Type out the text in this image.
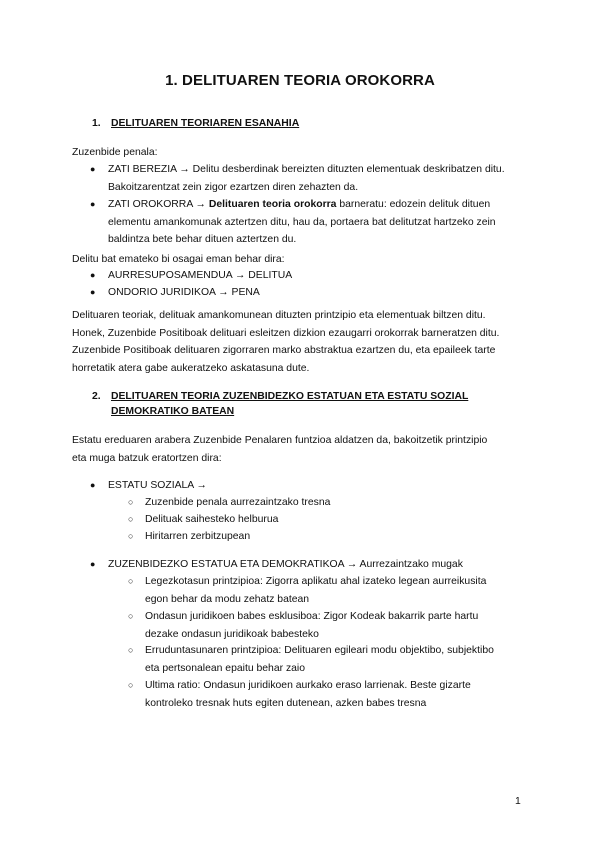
1. DELITUAREN TEORIA OROKORRA
1. DELITUAREN TEORIAREN ESANAHIA
Zuzenbide penala:
●	ZATI BEREZIA → Delitu desberdinak bereizten dituzten elementuak deskribatzen ditu.
Bakoitzarentzat zein zigor ezartzen diren zehazten da.
●	ZATI OROKORRA → Delituaren teoria orokorra barneratu: edozein delituk dituen
elementu amankomunak aztertzen ditu, hau da, portaera bat delitutzat hartzeko zein
baldintza bete behar dituen aztertzen du.
Delitu bat emateko bi osagai eman behar dira:
●	AURRESUPOSAMENDUA → DELITUA
●	ONDORIO JURIDIKOA → PENA
Delituaren teoriak, delituak amankomunean dituzten printzipio eta elementuak biltzen ditu.
Honek, Zuzenbide Positiboak delituari esleitzen dizkion ezaugarri orokorrak barneratzen ditu.
Zuzenbide Positiboak delituaren zigorraren marko abstraktua ezartzen du, eta epaileek tarte
horretatik atera gabe aukeratzeko askatasuna dute.
2. DELITUAREN TEORIA ZUZENBIDEZKO ESTATUAN ETA ESTATU SOZIAL
DEMOKRATIKO BATEAN
Estatu ereduaren arabera Zuzenbide Penalaren funtzioa aldatzen da, bakoitzetik printzipio
eta muga batzuk eratortzen dira:
●	ESTATU SOZIALA →
○	Zuzenbide penala aurrezaintzako tresna
○	Delituak saihesteko helburua
○	Hiritarren zerbitzupean
●	ZUZENBIDEZKO ESTATUA ETA DEMOKRATIKOA → Aurrezaintzako mugak
○	Legezkotasun printzipioa: Zigorra aplikatu ahal izateko legean aurreikusita
egon behar da modu zehatz batean
○	Ondasun juridikoen babes esklusiboa: Zigor Kodeak bakarrik parte hartu
dezake ondasun juridikoak babesteko
○	Erruduntasunaren printzipioa: Delituaren egileari modu objektibo, subjektibo
eta pertsonalean epaitu behar zaio
○	Ultima ratio: Ondasun juridikoen aurkako eraso larrienak. Beste gizarte
kontroleko tresnak huts egiten dutenean, azken babes tresna
1
